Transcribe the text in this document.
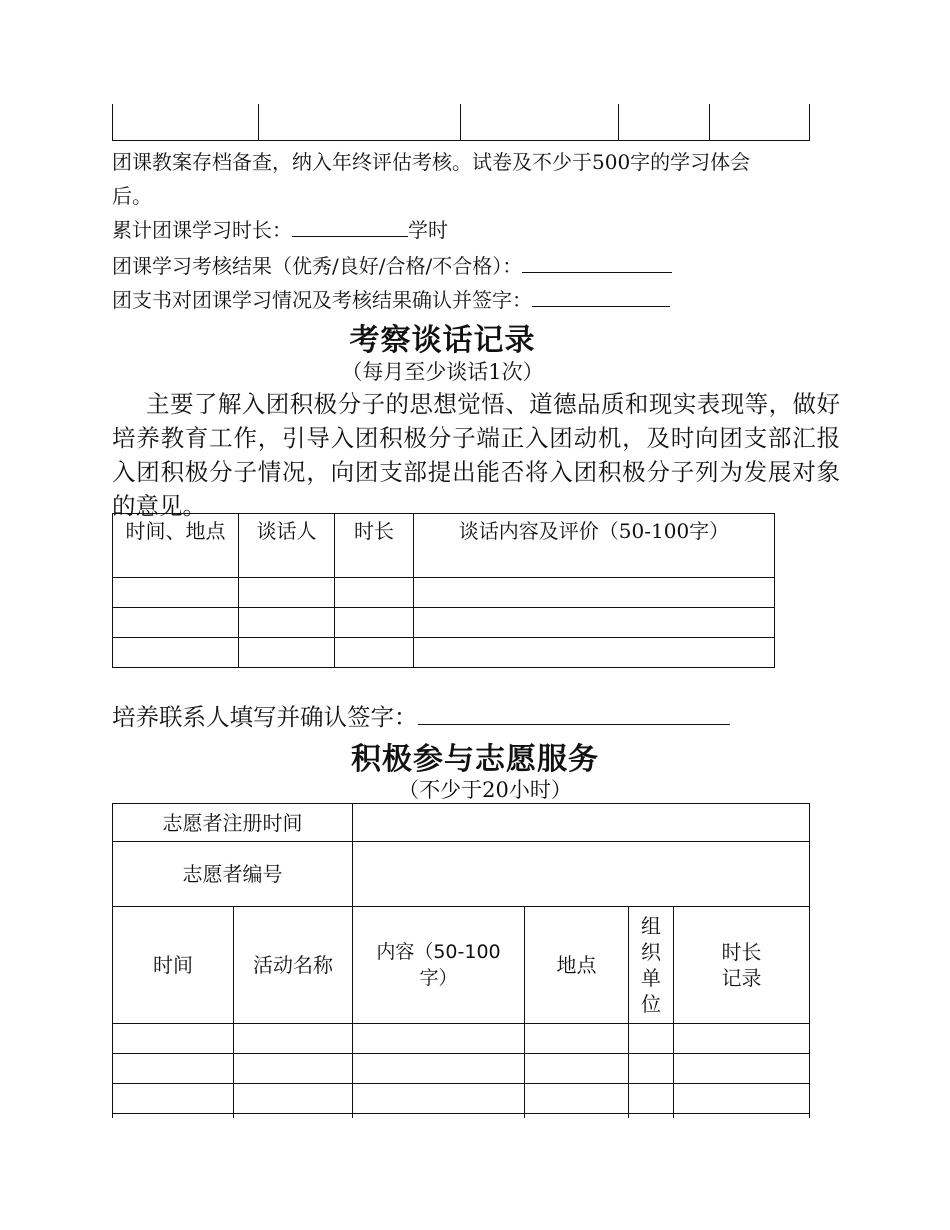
团课教案存档备查，纳入年终评估考核。试卷及不少于500字的学习体会
后。
累计团课学习时长：	学时
团课学习考核结果（优秀/良好/合格/不合格）：
团支书对团课学习情况及考核结果确认并签字：
考察谈话记录
（每月至少谈话1次）
主要了解入团积极分子的思想觉悟、道德品质和现实表现等，做好培养教育工作，引导入团积极分子端正入团动机，及时向团支部汇报入团积极分子情况，向团支部提出能否将入团积极分子列为发展对象的意见。
时间、地点	谈话人	时长	谈话内容及评价（50-100字）

培养联系人填写并确认签字：
积极参与志愿服务
（不少于20小时）
志愿者注册时间					

志愿者编号					

时间	活动名称	内容（50-100字）	地点	组织单位	时长记录
